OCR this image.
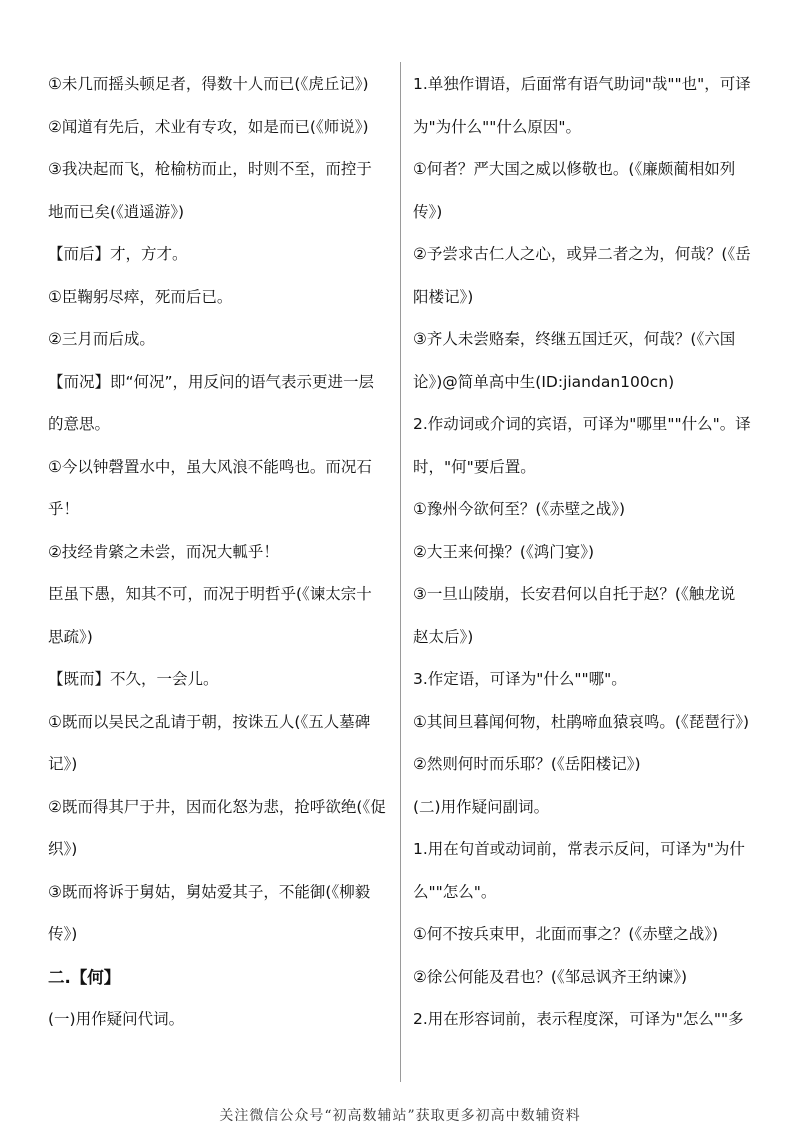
①未几而摇头顿足者，得数十人而已(《虎丘记》)
②闻道有先后，术业有专攻，如是而已(《师说》)
③我决起而飞，枪榆枋而止，时则不至，而控于
地而已矣(《逍遥游》)
【而后】才，方才。
①臣鞠躬尽瘁，死而后已。
②三月而后成。
【而况】即“何况”，用反问的语气表示更进一层
的意思。
①今以钟磬置水中，虽大风浪不能鸣也。而况石
乎！
②技经肯綮之未尝，而况大軱乎！
臣虽下愚，知其不可，而况于明哲乎(《谏太宗十
思疏》)
【既而】不久，一会儿。
①既而以吴民之乱请于朝，按诛五人(《五人墓碑
记》)
②既而得其尸于井，因而化怒为悲，抢呼欲绝(《促
织》)
③既而将诉于舅姑，舅姑爱其子，不能御(《柳毅
传》)
二.【何】
(一)用作疑问代词。
1.单独作谓语，后面常有语气助词"哉""也"，可译
为"为什么""什么原因"。
①何者？严大国之威以修敬也。(《廉颇蔺相如列
传》)
②予尝求古仁人之心，或异二者之为，何哉？(《岳
阳楼记》)
③齐人未尝赂秦，终继五国迁灭，何哉？(《六国
论》)@简单高中生(ID:jiandan100cn)
2.作动词或介词的宾语，可译为"哪里""什么"。译
时，"何"要后置。
①豫州今欲何至？(《赤壁之战》)
②大王来何操？(《鸿门宴》)
③一旦山陵崩，长安君何以自托于赵？(《触龙说
赵太后》)
3.作定语，可译为"什么""哪"。
①其间旦暮闻何物，杜鹃啼血猿哀鸣。(《琵琶行》)
②然则何时而乐耶？(《岳阳楼记》)
(二)用作疑问副词。
1.用在句首或动词前，常表示反问，可译为"为什
么""怎么"。
①何不按兵束甲，北面而事之？(《赤壁之战》)
②徐公何能及君也？(《邹忌讽齐王纳谏》)
2.用在形容词前，表示程度深，可译为"怎么""多
关注微信公众号“初高数辅站”获取更多初高中数辅资料
